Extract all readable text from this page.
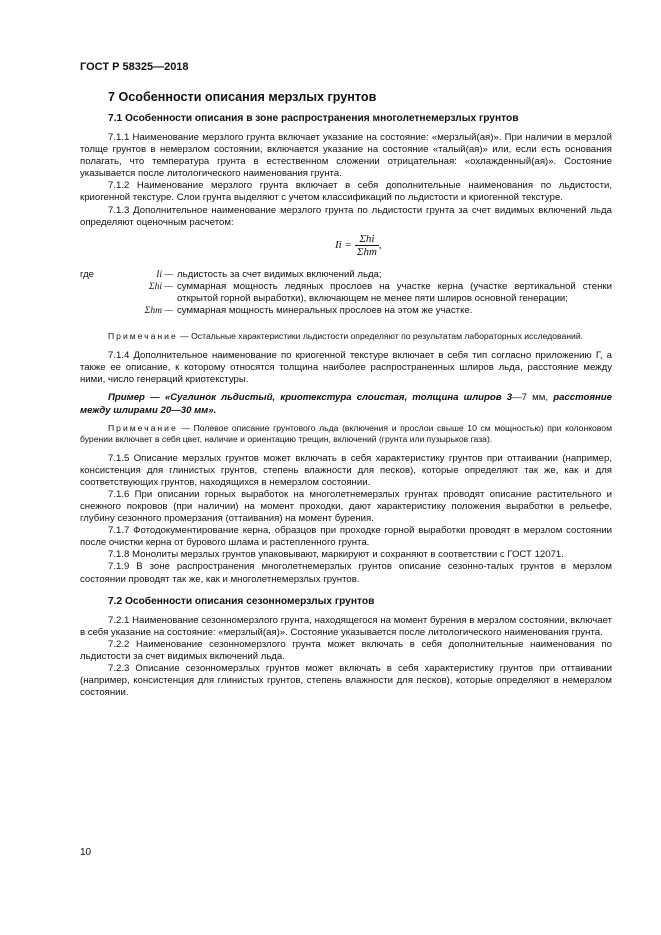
ГОСТ Р 58325—2018
7 Особенности описания мерзлых грунтов
7.1 Особенности описания в зоне распространения многолетнемерзлых грунтов

7.1.1 Наименование мерзлого грунта включает указание на состояние: «мерзлый(ая)». При наличии в мерзлой толще грунтов в немерзлом состоянии, включается указание на состояние «талый(ая)» или, если есть основания полагать, что температура грунта в естественном сложении отрицательная: «охлажденный(ая)». Состояние указывается после литологического наименования грунта.

7.1.2 Наименование мерзлого грунта включает в себя дополнительные наименования по льдистости, криогенной текстуре. Слои грунта выделяют с учетом классификаций по льдистости и криогенной текстуре.

7.1.3 Дополнительное наименование мерзлого грунта по льдистости грунта за счет видимых включений льда определяют оценочным расчетом:

$Ii = \frac{\text{Σhi}}{\text{Σhm}}$ ,
где	Ii — льдистость за счет видимых включений льда;
Σhi — суммарная мощность ледяных прослоев на участке керна (участке вертикальной стенки открытой горной выработки), включающем не менее пяти шлиров основной генерации;
Σhm — суммарная мощность минеральных прослоев на этом же участке.

Примечание — Остальные характеристики льдистости определяют по результатам лабораторных исследований.

7.1.4 Дополнительное наименование по криогенной текстуре включает в себя тип согласно приложению Г, а также ее описание, к которому относятся толщина наиболее распространенных шлиров льда, расстояние между ними, число генераций криотекстуры.

Пример — «Суглинок льдистый, криотекстура слоистая, толщина шлиров 3—7 мм, расстояние между шлирами 20—30 мм».

Примечание — Полевое описание грунтового льда (включения и прослои свыше 10 см мощностью) при колонковом бурении включает в себя цвет, наличие и ориентацию трещин, включений (грунта или пузырьков газа).

7.1.5 Описание мерзлых грунтов может включать в себя характеристику грунтов при оттаивании (например, консистенция для глинистых грунтов, степень влажности для песков), которые определяют так же, как и для соответствующих грунтов, находящихся в немерзлом состоянии.

7.1.6 При описании горных выработок на многолетнемерзлых грунтах проводят описание растительного и снежного покровов (при наличии) на момент проходки, дают характеристику положения выработки в рельефе, глубину сезонного промерзания (оттаивания) на момент бурения.

7.1.7 Фотодокументирование керна, образцов при проходке горной выработки проводят в мерзлом состоянии после очистки керна от бурового шлама и растепленного грунта.

7.1.8 Монолиты мерзлых грунтов упаковывают, маркируют и сохраняют в соответствии с ГОСТ 12071.

7.1.9 В зоне распространения многолетнемерзлых грунтов описание сезонно-талых грунтов в мерзлом состоянии проводят так же, как и многолетнемерзлых грунтов.

7.2 Особенности описания сезонномерзлых грунтов

7.2.1 Наименование сезонномерзлого грунта, находящегося на момент бурения в мерзлом состоянии, включает в себя указание на состояние: «мерзлый(ая)». Состояние указывается после литологического наименования грунта.

7.2.2 Наименование сезонномерзлого грунта может включать в себя дополнительные наименования по льдистости за счет видимых включений льда.

7.2.3 Описание сезонномерзлых грунтов может включать в себя характеристику грунтов при оттаивании (например, консистенция для глинистых грунтов, степень влажности для песков), которые определяют в немерзлом состоянии.

10
